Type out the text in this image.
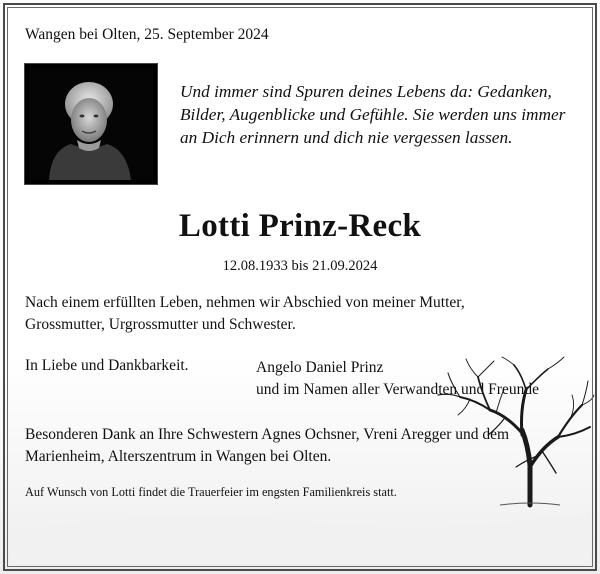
Wangen bei Olten, 25. September 2024
Und immer sind Spuren deines Lebens da: Gedanken, Bilder, Augenblicke und Gefühle. Sie werden uns immer an Dich erinnern und dich nie vergessen lassen.
Lotti Prinz-Reck
12.08.1933 bis 21.09.2024
Nach einem erfüllten Leben, nehmen wir Abschied von meiner Mutter, Grossmutter, Urgrossmutter und Schwester.
In Liebe und Dankbarkeit.	Angelo Daniel Prinz
und im Namen aller Verwandten und Freunde
Besonderen Dank an Ihre Schwestern Agnes Ochsner, Vreni Aregger und dem Marienheim, Alterszentrum in Wangen bei Olten.
Auf Wunsch von Lotti findet die Trauerfeier im engsten Familienkreis statt.
